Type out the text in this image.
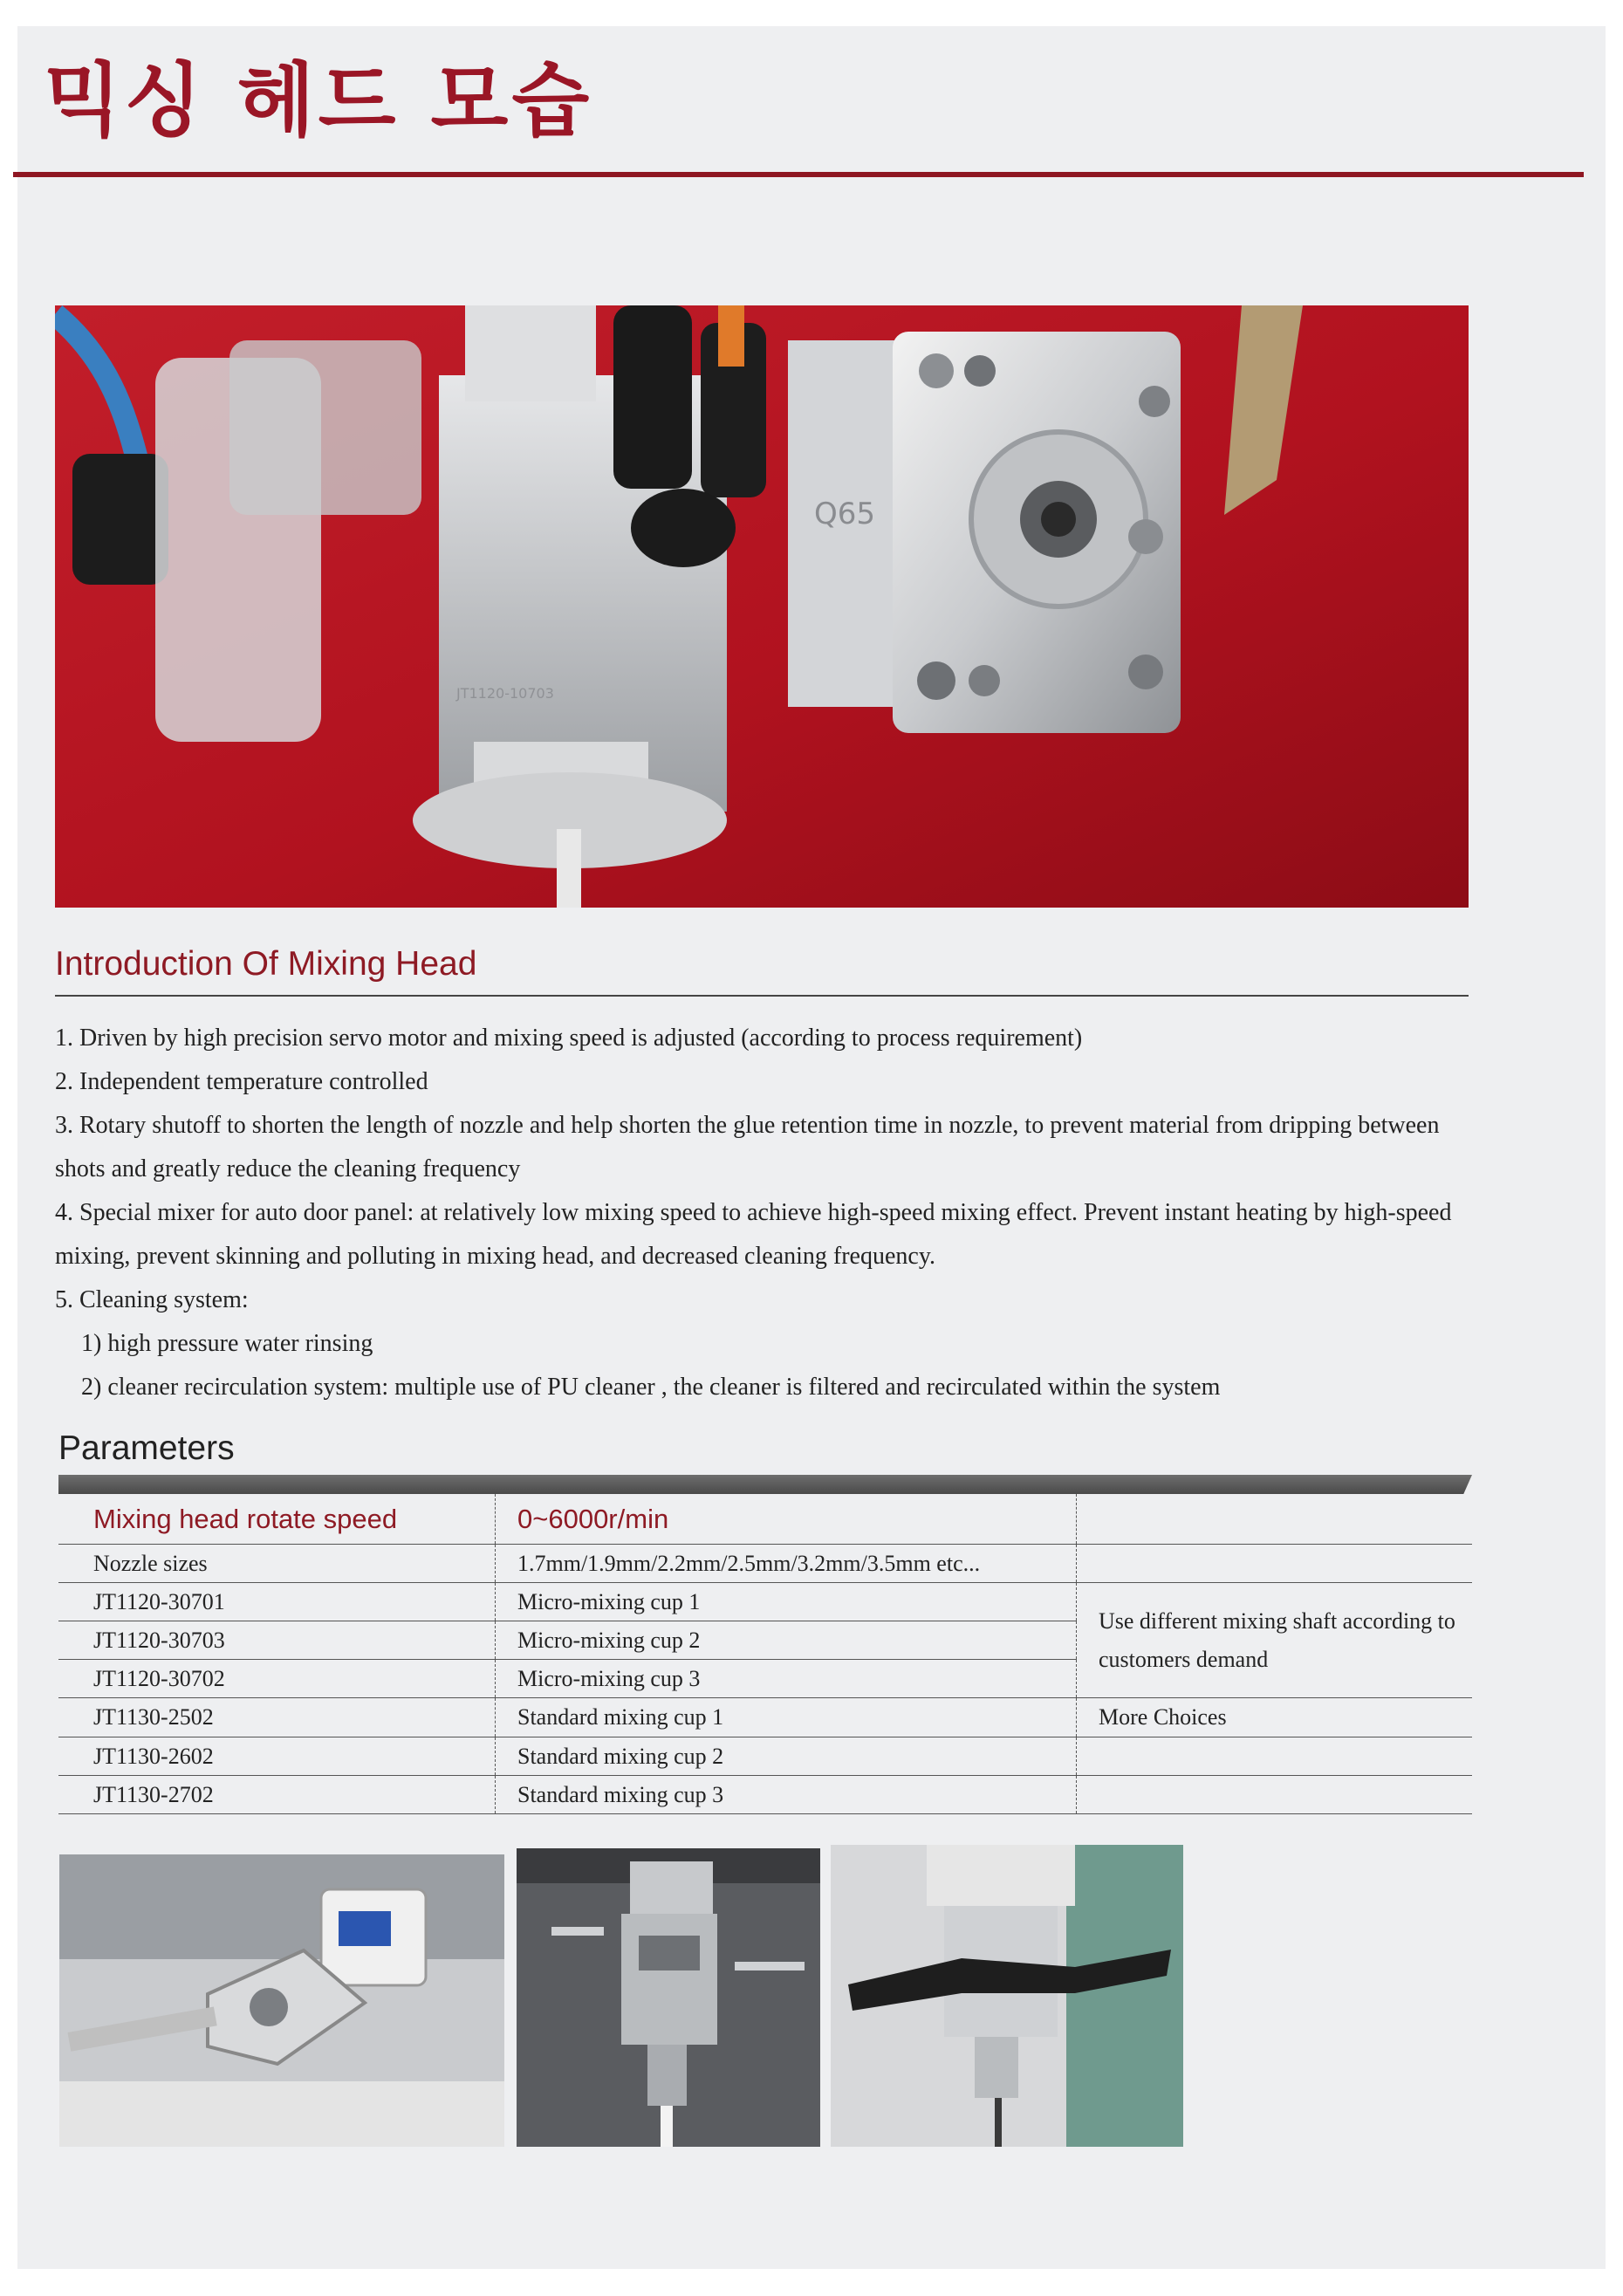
믹싱 헤드 모습
Q65
JT1120-10703
Introduction Of Mixing Head
1. Driven by high precision servo motor and mixing speed is adjusted (according to process requirement)
2. Independent temperature controlled
3. Rotary shutoff to shorten the length of nozzle and help shorten the glue retention time in nozzle, to prevent material from dripping between shots and greatly reduce the cleaning frequency
4. Special mixer for auto door panel: at relatively low mixing speed to achieve high-speed mixing effect. Prevent instant heating by high-speed mixing, prevent skinning and polluting in mixing head, and decreased cleaning frequency.
5. Cleaning system:
1) high pressure water rinsing
2) cleaner recirculation system: multiple use of PU cleaner , the cleaner is filtered and recirculated within the system
Parameters
Mixing head rotate speed	0~6000r/min	
Nozzle sizes	1.7mm/1.9mm/2.2mm/2.5mm/3.2mm/3.5mm etc...	
JT1120-30701	Micro-mixing cup 1	Use different mixing shaft according to customers demand
JT1120-30703	Micro-mixing cup 2	
JT1120-30702	Micro-mixing cup 3	
JT1130-2502	Standard mixing cup 1	More Choices
JT1130-2602	Standard mixing cup 2	
JT1130-2702	Standard mixing cup 3	
